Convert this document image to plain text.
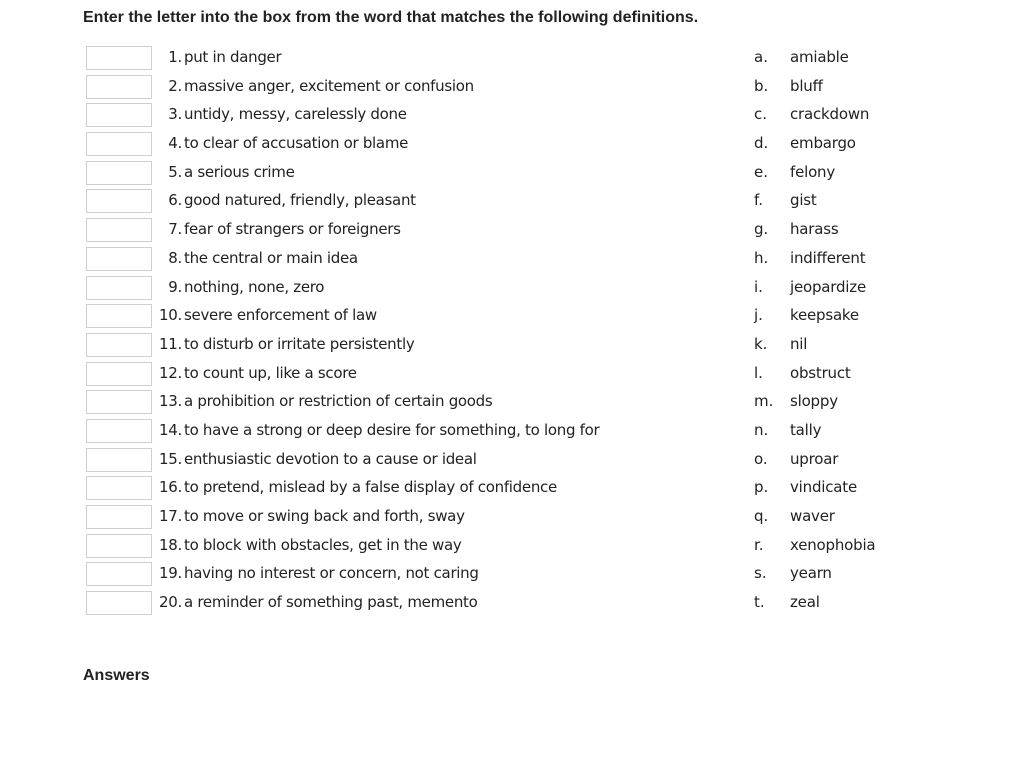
Enter the letter into the box from the word that matches the following definitions.
1. put in danger	a. amiable
2. massive anger, excitement or confusion	b. bluff
3. untidy, messy, carelessly done	c. crackdown
4. to clear of accusation or blame	d. embargo
5. a serious crime	e. felony
6. good natured, friendly, pleasant	f. gist
7. fear of strangers or foreigners	g. harass
8. the central or main idea	h. indifferent
9. nothing, none, zero	i. jeopardize
10. severe enforcement of law	j. keepsake
11. to disturb or irritate persistently	k. nil
12. to count up, like a score	l. obstruct
13. a prohibition or restriction of certain goods	m. sloppy
14. to have a strong or deep desire for something, to long for	n. tally
15. enthusiastic devotion to a cause or ideal	o. uproar
16. to pretend, mislead by a false display of confidence	p. vindicate
17. to move or swing back and forth, sway	q. waver
18. to block with obstacles, get in the way	r. xenophobia
19. having no interest or concern, not caring	s. yearn
20. a reminder of something past, memento	t. zeal
Answers
